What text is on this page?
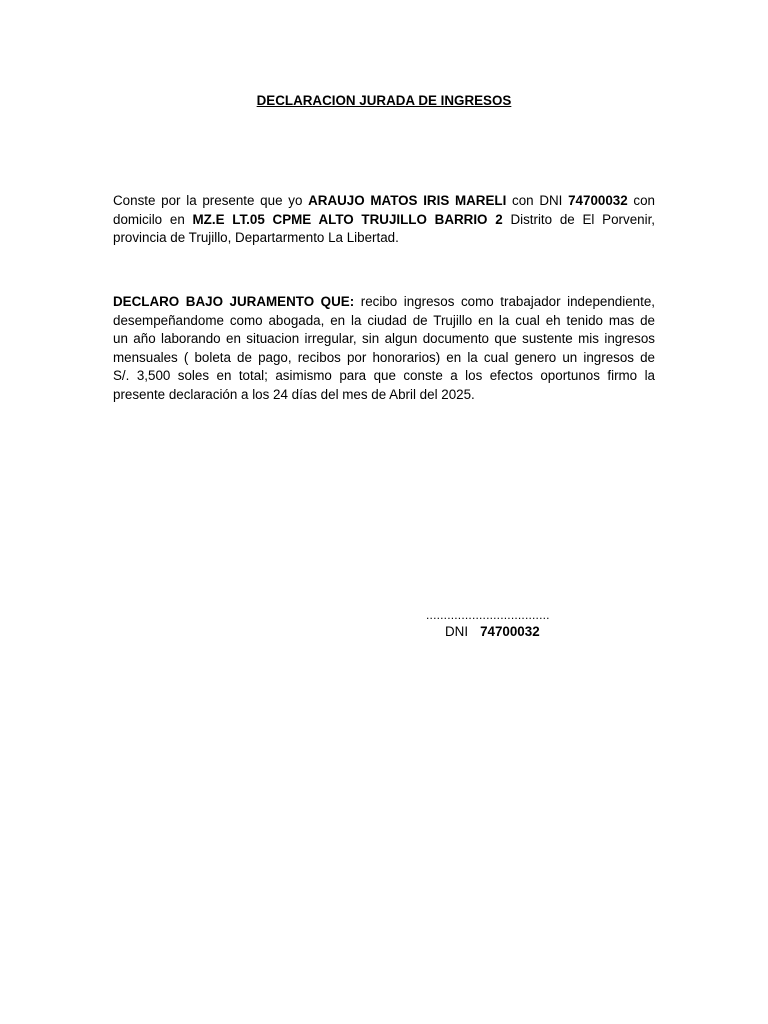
DECLARACION JURADA DE INGRESOS
Conste por la presente que yo ARAUJO MATOS IRIS MARELI con DNI 74700032 con
domicilo en MZ.E LT.05 CPME ALTO TRUJILLO BARRIO 2 Distrito de El Porvenir,
provincia de Trujillo, Departarmento La Libertad.
DECLARO BAJO JURAMENTO QUE: recibo ingresos como trabajador independiente,
desempeñandome como abogada, en la ciudad de Trujillo en la cual eh tenido mas de
un año laborando en situacion irregular, sin algun documento que sustente mis ingresos
mensuales ( boleta de pago, recibos por honorarios) en la cual genero un ingresos de
S/. 3,500 soles en total; asimismo para que conste a los efectos oportunos firmo la
presente declaración a los 24 días del mes de Abril del 2025.
...................................
DNI 74700032
